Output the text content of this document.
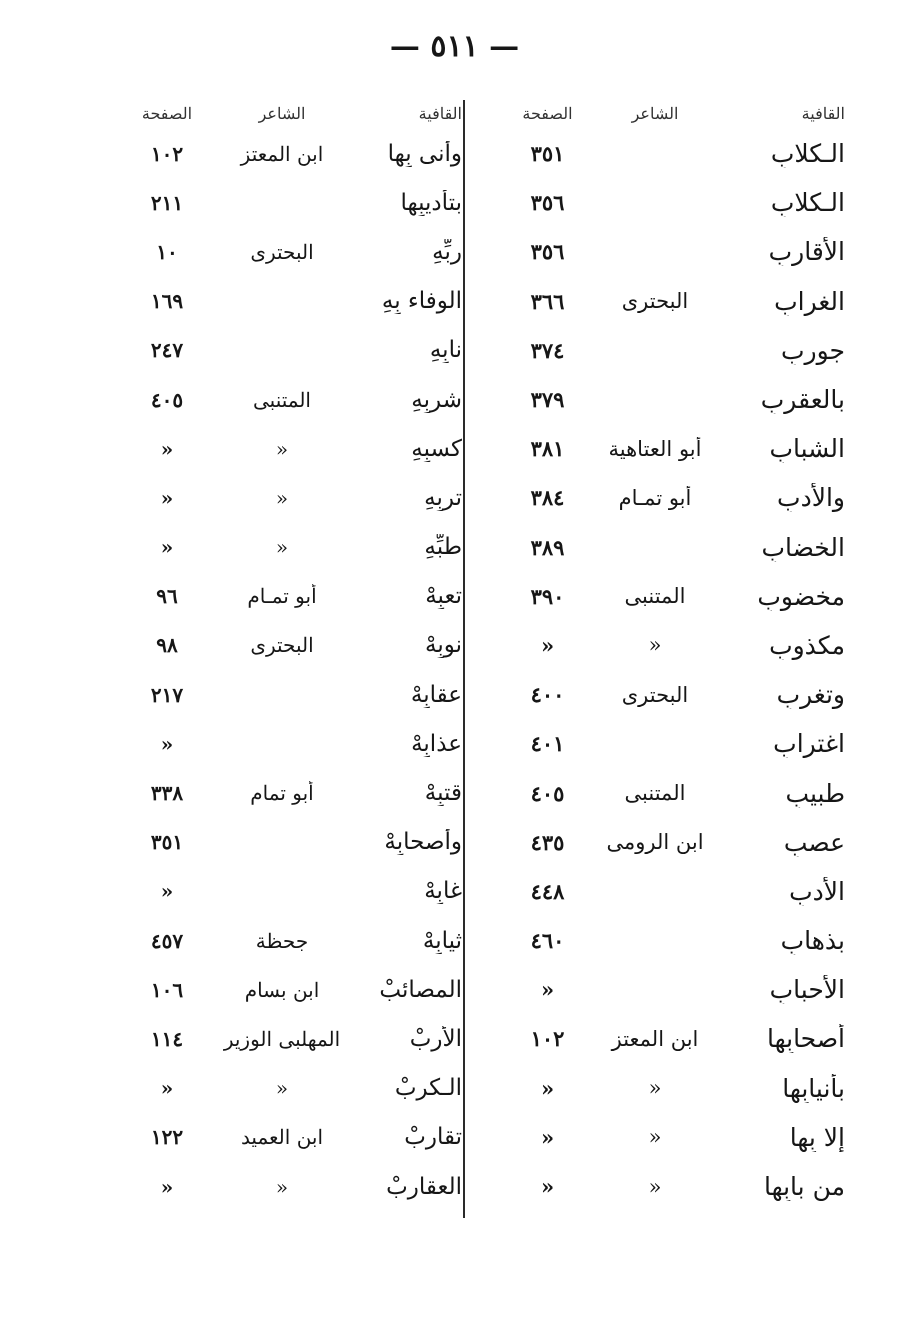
— ٥١١ —
القافية
الشاعر
الصفحة
الـكلابِ
٣٥١
الـكلابِ
٣٥٦
الأقاربِ
٣٥٦
الغرابِ
البحترى
٣٦٦
جوربِ
٣٧٤
بالعقربِ
٣٧٩
الشبابِ
أبو العتاهية
٣٨١
والأدبِ
أبو تمـام
٣٨٤
الخضابِ
٣٨٩
مخضوبِ
المتنبى
٣٩٠
مكذوبِ
»
»
وتغربِ
البحترى
٤٠٠
اغترابِ
٤٠١
طبيبِ
المتنبى
٤٠٥
عصبِ
ابن الرومى
٤٣٥
الأدبِ
٤٤٨
بذهابِ
٤٦٠
الأحبابِ
»
أصحابِها
ابن المعتز
١٠٢
بأنيابِها
»
»
إلا بِها
»
»
من بابِها
»
»
القافية
الشاعر
الصفحة
وأنى بِها
ابن المعتز
١٠٢
بتأديبِها
٢١١
ربِّهِ
البحترى
١٠
الوفاء بِهِ
١٦٩
نابِهِ
٢٤٧
شربِهِ
المتنبى
٤٠٥
كسبِهِ
»
»
تربِهِ
»
»
طبِّهِ
»
»
تعبِهْ
أبو تمـام
٩٦
نوبِهْ
البحترى
٩٨
عقابِهْ
٢١٧
عذابِهْ
»
قتبِهْ
أبو تمام
٣٣٨
وأصحابِهْ
٣٥١
غابِهْ
»
ثيابِهْ
جحظة
٤٥٧
المصائبْ
ابن بسام
١٠٦
الأربْ
المهلبى الوزير
١١٤
الـكربْ
»
»
تقاربْ
ابن العميد
١٢٢
العقاربْ
»
»
